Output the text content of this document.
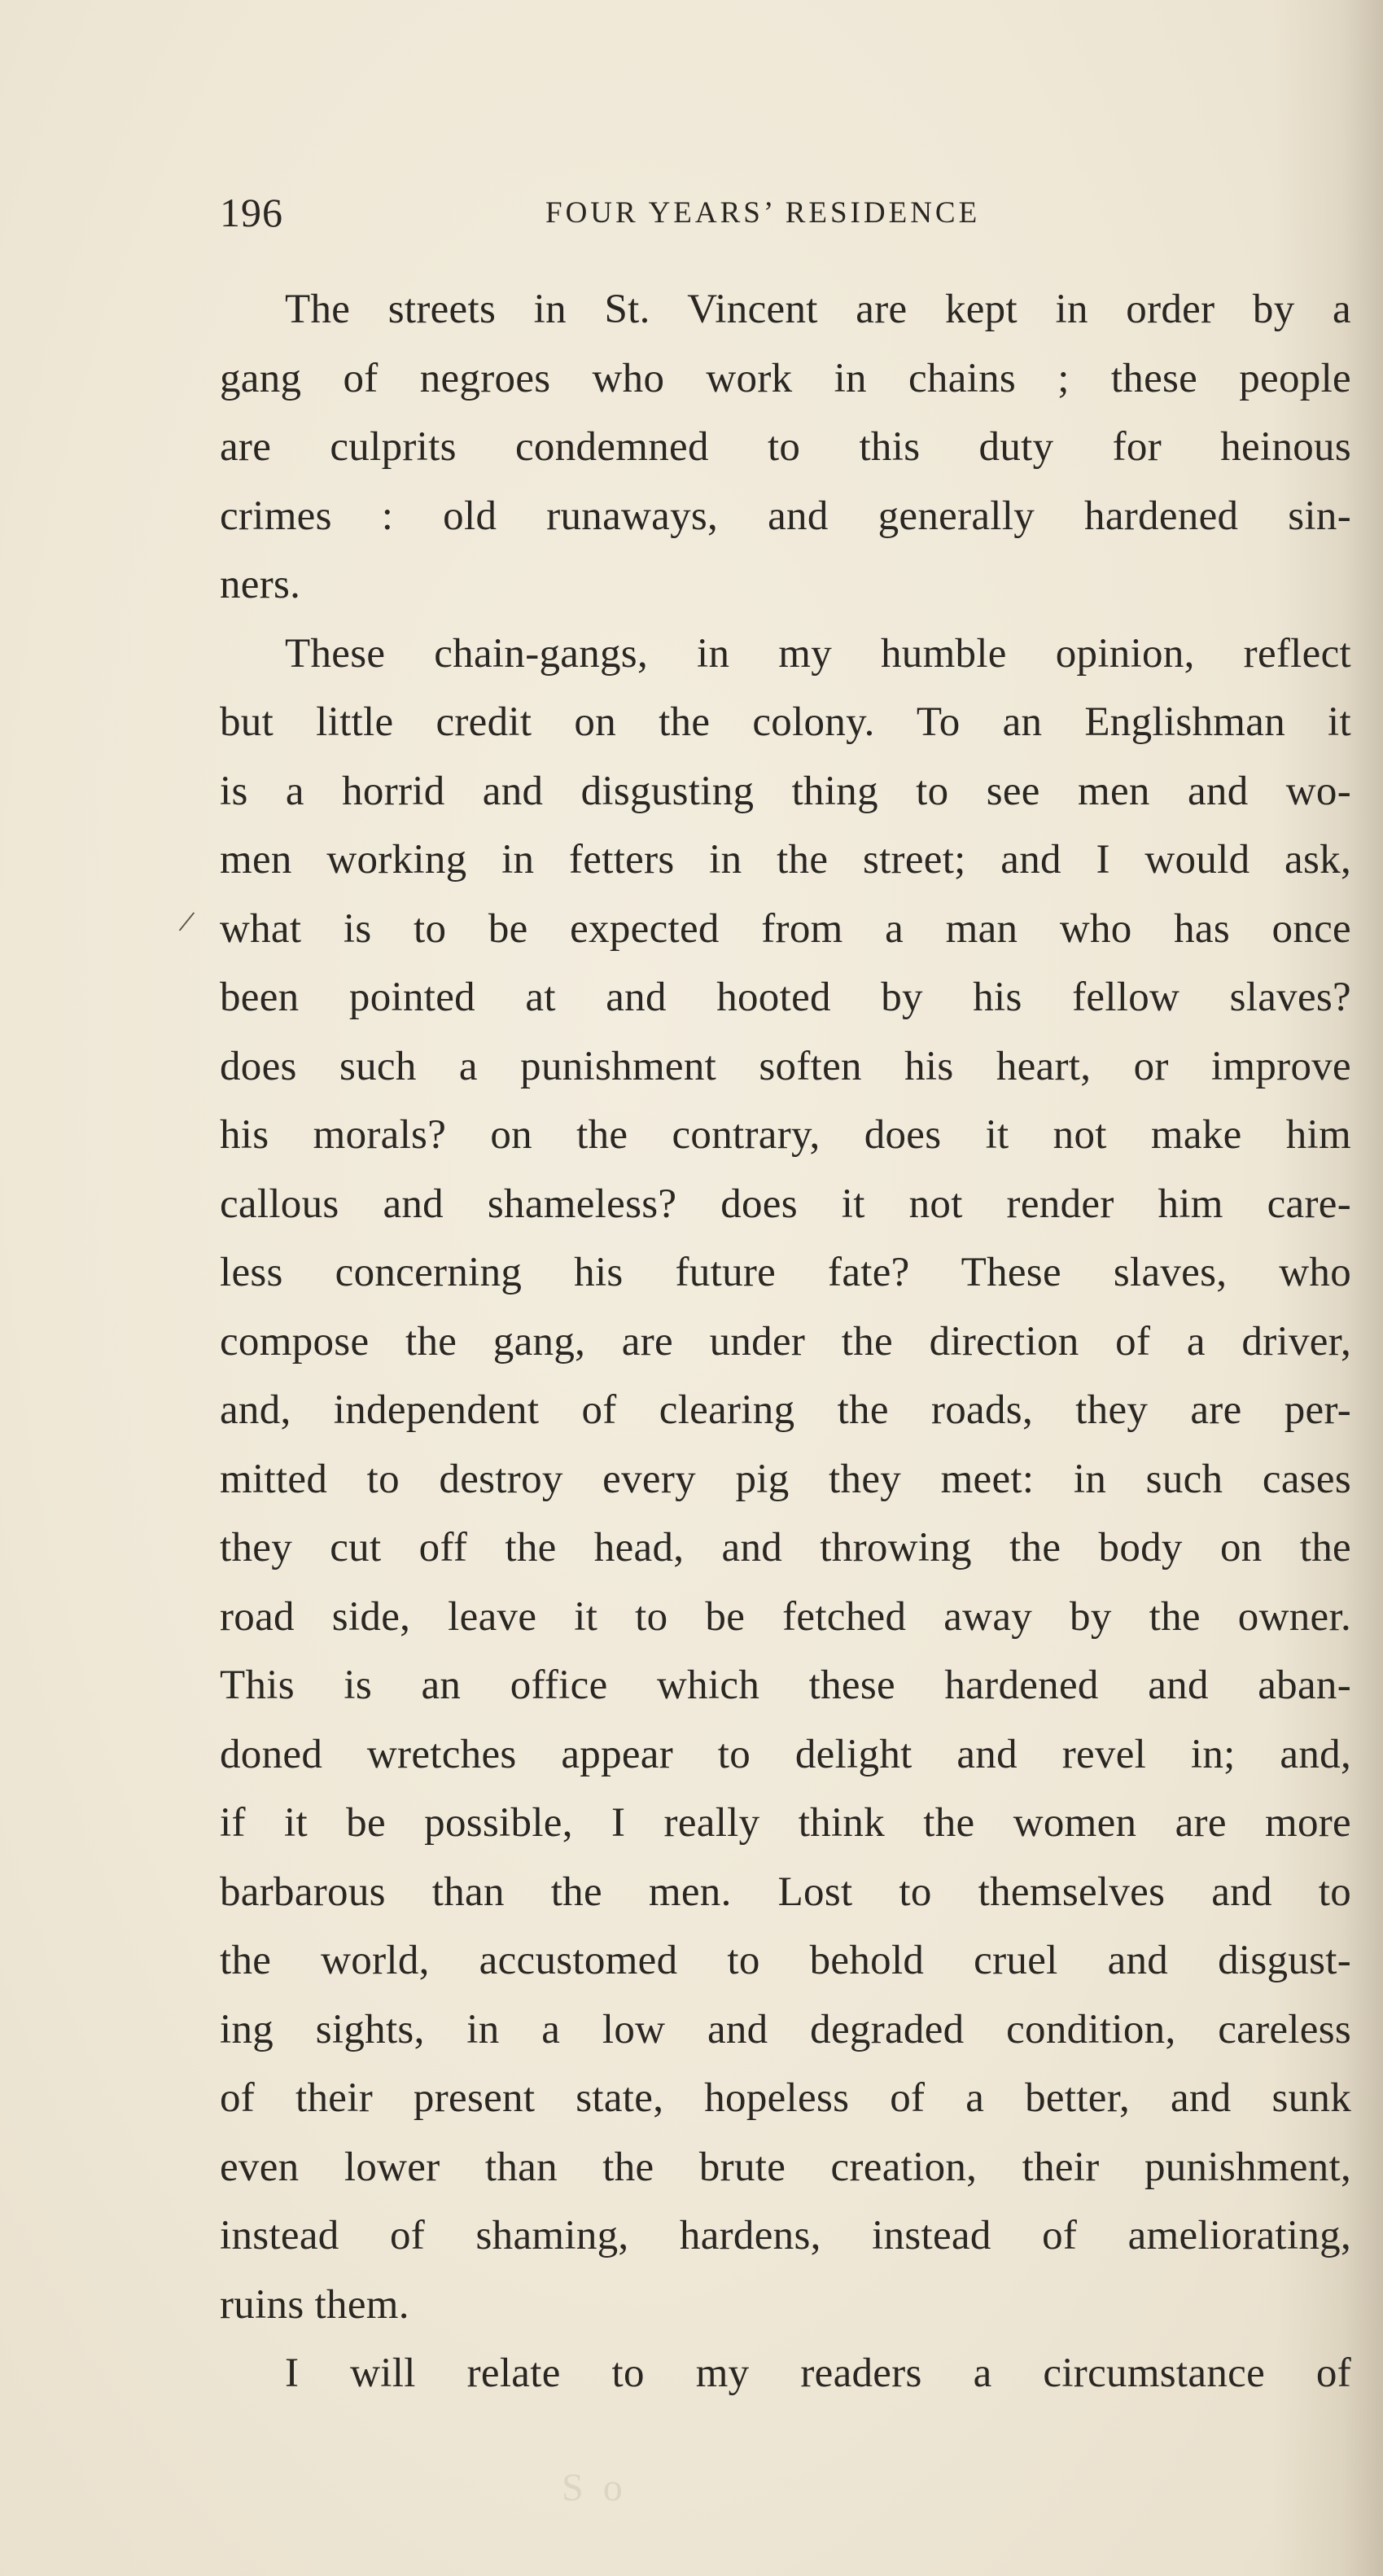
196	FOUR YEARS’ RESIDENCE
/

The streets in St. Vincent are kept in order by a
gang of negroes who work in chains ; these people
are culprits condemned to this duty for heinous
crimes : old runaways, and generally hardened sin-
ners.

These chain-gangs, in my humble opinion, reflect
but little credit on the colony. To an Englishman it
is a horrid and disgusting thing to see men and wo-
men working in fetters in the street; and I would ask,
what is to be expected from a man who has once
been pointed at and hooted by his fellow slaves?
does such a punishment soften his heart, or improve
his morals? on the contrary, does it not make him
callous and shameless? does it not render him care-
less concerning his future fate? These slaves, who
compose the gang, are under the direction of a driver,
and, independent of clearing the roads, they are per-
mitted to destroy every pig they meet: in such cases
they cut off the head, and throwing the body on the
road side, leave it to be fetched away by the owner.
This is an office which these hardened and aban-
doned wretches appear to delight and revel in; and,
if it be possible, I really think the women are more
barbarous than the men. Lost to themselves and to
the world, accustomed to behold cruel and disgust-
ing sights, in a low and degraded condition, careless
of their present state, hopeless of a better, and sunk
even lower than the brute creation, their punishment,
instead of shaming, hardens, instead of ameliorating,
ruins them.

I will relate to my readers a circumstance of

S o
